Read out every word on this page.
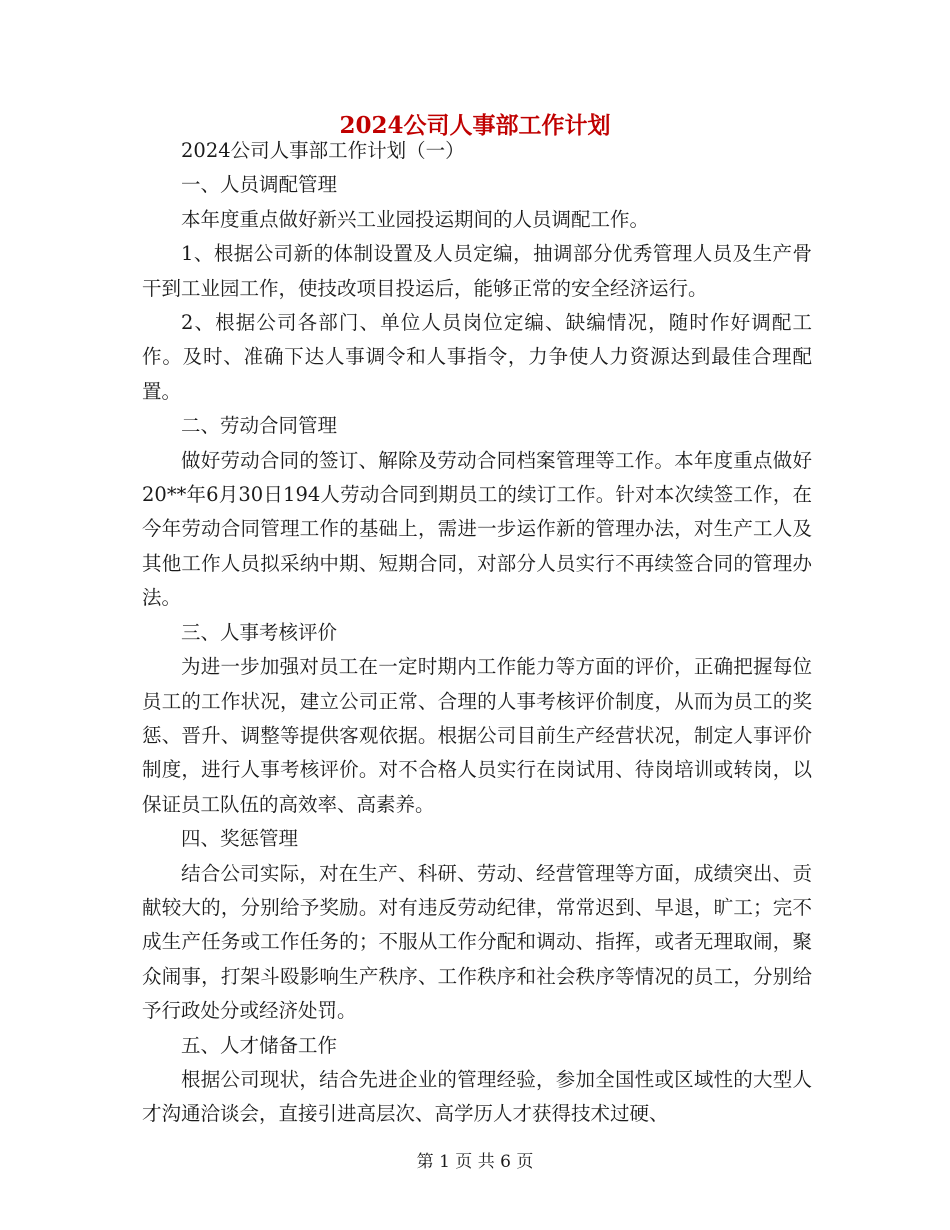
2024公司人事部工作计划

2024公司人事部工作计划（一）

一、人员调配管理

本年度重点做好新兴工业园投运期间的人员调配工作。

1、根据公司新的体制设置及人员定编，抽调部分优秀管理人员及生产骨干到工业园工作，使技改项目投运后，能够正常的安全经济运行。

2、根据公司各部门、单位人员岗位定编、缺编情况，随时作好调配工作。及时、准确下达人事调令和人事指令，力争使人力资源达到最佳合理配置。

二、劳动合同管理

做好劳动合同的签订、解除及劳动合同档案管理等工作。本年度重点做好20**年6月30日194人劳动合同到期员工的续订工作。针对本次续签工作，在今年劳动合同管理工作的基础上，需进一步运作新的管理办法，对生产工人及其他工作人员拟采纳中期、短期合同，对部分人员实行不再续签合同的管理办法。

三、人事考核评价

为进一步加强对员工在一定时期内工作能力等方面的评价，正确把握每位员工的工作状况，建立公司正常、合理的人事考核评价制度，从而为员工的奖惩、晋升、调整等提供客观依据。根据公司目前生产经营状况，制定人事评价制度，进行人事考核评价。对不合格人员实行在岗试用、待岗培训或转岗，以保证员工队伍的高效率、高素养。

四、奖惩管理

结合公司实际，对在生产、科研、劳动、经营管理等方面，成绩突出、贡献较大的，分别给予奖励。对有违反劳动纪律，常常迟到、早退，旷工；完不成生产任务或工作任务的；不服从工作分配和调动、指挥，或者无理取闹，聚众闹事，打架斗殴影响生产秩序、工作秩序和社会秩序等情况的员工，分别给予行政处分或经济处罚。

五、人才储备工作

根据公司现状，结合先进企业的管理经验，参加全国性或区域性的大型人才沟通洽谈会，直接引进高层次、高学历人才获得技术过硬、

第 1 页 共 6 页
